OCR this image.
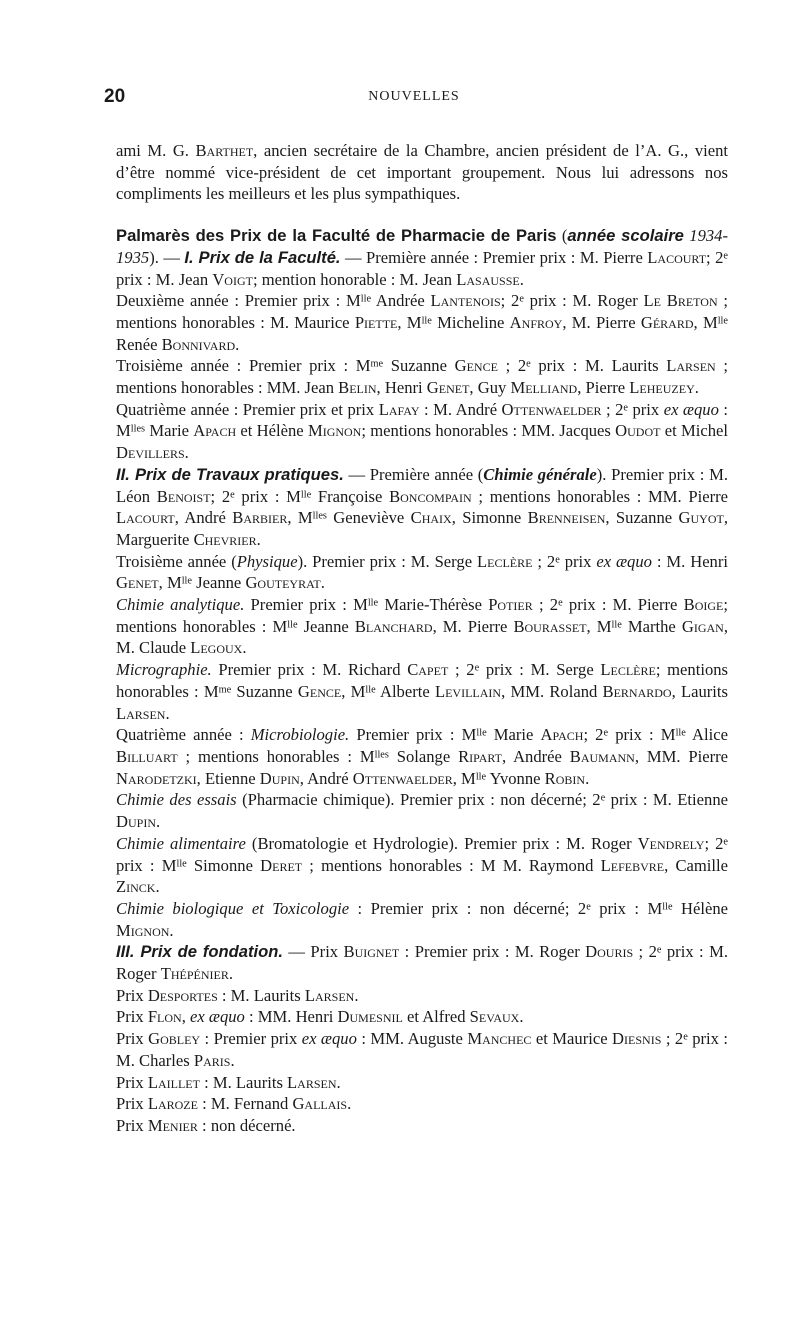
20	NOUVELLES

ami M. G. Barthet, ancien secrétaire de la Chambre, ancien président de l’A. G., vient d’être nommé vice-président de cet important groupement. Nous lui adressons nos compliments les meilleurs et les plus sympathiques.

Palmarès des Prix de la Faculté de Pharmacie de Paris (année scolaire 1934-1935). — I. Prix de la Faculté. — Première année : Premier prix : M. Pierre Lacourt; 2e prix : M. Jean Voigt; mention honorable : M. Jean Lasausse.

Deuxième année : Premier prix : $M^{lle}$ Andrée Lantenois; 2e prix : M. Roger Le Breton ; mentions honorables : M. Maurice Piette, $M^{lle}$ Micheline Anfroy, M. Pierre Gérard, $M^{lle}$ Renée Bonnivard.

Troisième année : Premier prix : $M^{me}$ Suzanne Gence ; 2e prix : M. Laurits Larsen ; mentions honorables : MM. Jean Belin, Henri Genet, Guy Melliand, Pierre Leheuzey.

Quatrième année : Premier prix et prix Lafay : M. André Ottenwaelder ; 2e prix ex æquo : $M^{lles}$ Marie Apach et Hélène Mignon; mentions honorables : MM. Jacques Oudot et Michel Devillers.

II. Prix de Travaux pratiques. — Première année (Chimie générale). Premier prix : M. Léon Benoist; 2e prix : $M^{lle}$ Françoise Boncompain ; mentions honorables : MM. Pierre Lacourt, André Barbier, $M^{lles}$ Geneviève Chaix, Simonne Brenneisen, Suzanne Guyot, Marguerite Chevrier.

Troisième année (Physique). Premier prix : M. Serge Leclère ; 2e prix ex æquo : M. Henri Genet, $M^{lle}$ Jeanne Gouteyrat.

Chimie analytique. Premier prix : $M^{lle}$ Marie-Thérèse Potier ; 2e prix : M. Pierre Boige; mentions honorables : $M^{lle}$ Jeanne Blanchard, M. Pierre Bourasset, $M^{lle}$ Marthe Gigan, M. Claude Legoux.

Micrographie. Premier prix : M. Richard Capet ; 2e prix : M. Serge Leclère; mentions honorables : $M^{me}$ Suzanne Gence, $M^{lle}$ Alberte Levillain, MM. Roland Bernardo, Laurits Larsen.

Quatrième année : Microbiologie. Premier prix : $M^{lle}$ Marie Apach; 2e prix : $M^{lle}$ Alice Billuart ; mentions honorables : $M^{lles}$ Solange Ripart, Andrée Baumann, MM. Pierre Narodetzki, Etienne Dupin, André Ottenwaelder, $M^{lle}$ Yvonne Robin.

Chimie des essais (Pharmacie chimique). Premier prix : non décerné; 2e prix : M. Etienne Dupin.

Chimie alimentaire (Bromatologie et Hydrologie). Premier prix : M. Roger Vendrely; 2e prix : $M^{lle}$ Simonne Deret ; mentions honorables : M M. Raymond Lefebvre, Camille Zinck.

Chimie biologique et Toxicologie : Premier prix : non décerné; 2e prix : $M^{lle}$ Hélène Mignon.

III. Prix de fondation. — Prix Buignet : Premier prix : M. Roger Douris ; 2e prix : M. Roger Thépénier.

Prix Desportes : M. Laurits Larsen.

Prix Flon, ex æquo : MM. Henri Dumesnil et Alfred Sevaux.

Prix Gobley : Premier prix ex æquo : MM. Auguste Manchec et Maurice Diesnis ; 2e prix : M. Charles Paris.

Prix Laillet : M. Laurits Larsen.

Prix Laroze : M. Fernand Gallais.

Prix Menier : non décerné.
